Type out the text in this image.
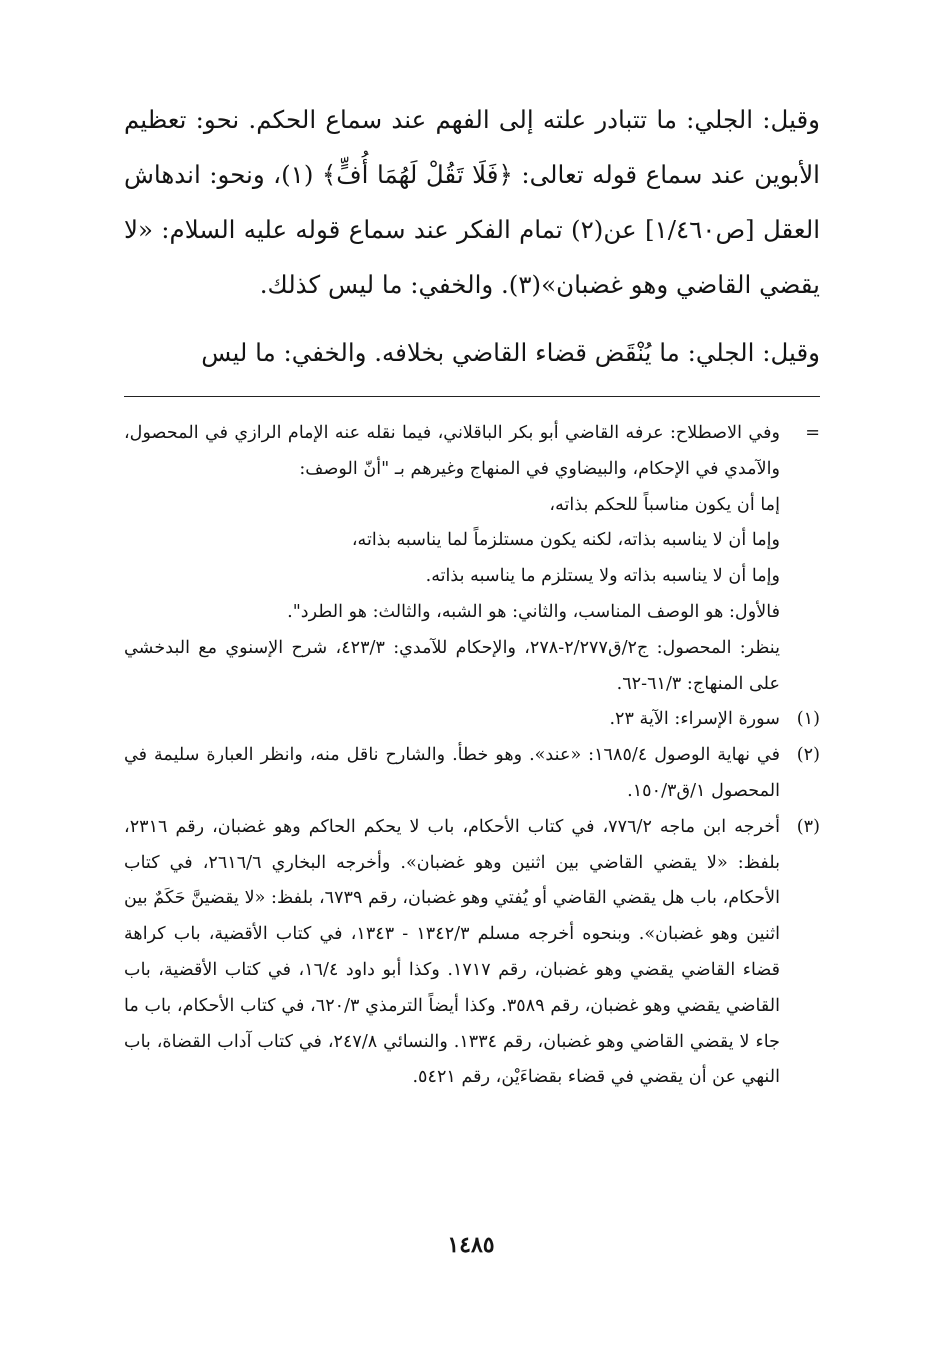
وقيل: الجلي: ما تتبادر علته إلى الفهم عند سماع الحكم. نحو: تعظيم الأبوين عند سماع قوله تعالى: ﴿فَلَا تَقُلْ لَهُمَا أُفٍّ﴾ (١)، ونحو: اندهاش العقل [ص١/٤٦٠] عن(٢) تمام الفكر عند سماع قوله عليه السلام: «لا يقضي القاضي وهو غضبان»(٣). والخفي: ما ليس كذلك.

وقيل: الجلي: ما يُنْقَض قضاء القاضي بخلافه. والخفي: ما ليس

=

وفي الاصطلاح: عرفه القاضي أبو بكر الباقلاني، فيما نقله عنه الإمام الرازي في المحصول، والآمدي في الإحكام، والبيضاوي في المنهاج وغيرهم بـ "أنّ الوصف:

إما أن يكون مناسباً للحكم بذاته،

وإما أن لا يناسبه بذاته، لكنه يكون مستلزماً لما يناسبه بذاته،

وإما أن لا يناسبه بذاته ولا يستلزم ما يناسبه بذاته.

فالأول: هو الوصف المناسب، والثاني: هو الشبه، والثالث: هو الطرد".

ينظر: المحصول: ج٢/ق٢/٢٧٧-٢٧٨، والإحكام للآمدي: ٤٢٣/٣، شرح الإسنوي مع البدخشي على المنهاج: ٦١/٣-٦٢.

(١)

سورة الإسراء: الآية ٢٣.

(٢)

في نهاية الوصول ١٦٨٥/٤: «عند». وهو خطأ. والشارح ناقل منه، وانظر العبارة سليمة في المحصول ١/ق١٥٠/٣.

(٣)

أخرجه ابن ماجه ٧٧٦/٢، في كتاب الأحكام، باب لا يحكم الحاكم وهو غضبان، رقم ٢٣١٦، بلفظ: «لا يقضي القاضي بين اثنين وهو غضبان». وأخرجه البخاري ٢٦١٦/٦، في كتاب الأحكام، باب هل يقضي القاضي أو يُفتي وهو غضبان، رقم ٦٧٣٩، بلفظ: «لا يقضينَّ حَكَمٌ بين اثنين وهو غضبان». وبنحوه أخرجه مسلم ١٣٤٢/٣ - ١٣٤٣، في كتاب الأقضية، باب كراهة قضاء القاضي يقضي وهو غضبان، رقم ١٧١٧. وكذا أبو داود ١٦/٤، في كتاب الأقضية، باب القاضي يقضي وهو غضبان، رقم ٣٥٨٩. وكذا أيضاً الترمذي ٦٢٠/٣، في كتاب الأحكام، باب ما جاء لا يقضي القاضي وهو غضبان، رقم ١٣٣٤. والنسائي ٢٤٧/٨، في كتاب آداب القضاة، باب النهي عن أن يقضي في قضاء بقضاءَيْن، رقم ٥٤٢١.

١٤٨٥
